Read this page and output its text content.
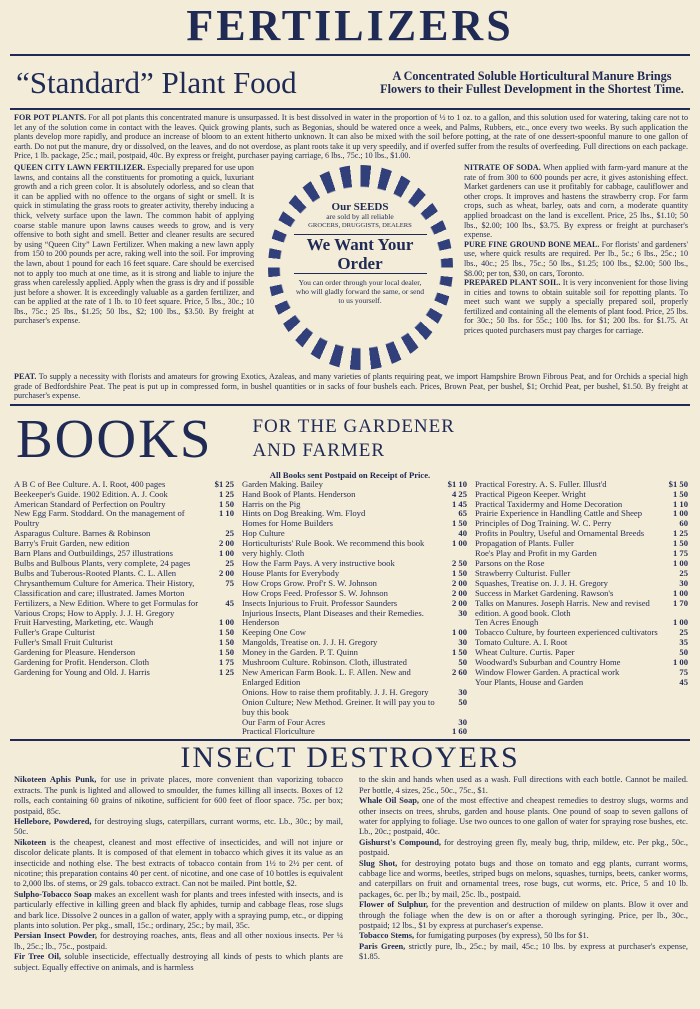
FERTILIZERS
“Standard” Plant Food	A Concentrated Soluble Horticultural Manure Brings Flowers to their Fullest Development in the Shortest Time.
FOR POT PLANTS. For all pot plants this concentrated manure is unsurpassed. It is best dissolved in water in the proportion of ½ to 1 oz. to a gallon, and this solution used for watering, taking care not to let any of the solution come in contact with the leaves. Quick growing plants, such as Begonias, should be watered once a week, and Palms, Rubbers, etc., once every two weeks. By such application the plants develop more rapidly, and produce an increase of bloom to an extent hitherto unknown. It can also be mixed with the soil before potting, at the rate of one dessert-spoonful manure to one gallon of earth. Do not put the manure, dry or dissolved, on the leaves, and do not overdose, as plant roots take it up very speedily, and if overfed suffer from the results of overfeeding. Full directions on each package. Price, 1 lb. package, 25c.; mail, postpaid, 40c. By express or freight, purchaser paying carriage, 6 lbs., 75c.; 10 lbs., $1.00.
QUEEN CITY LAWN FERTILIZER. Especially prepared for use upon lawns, and contains all the constituents for promoting a quick, luxuriant growth and a rich green color. It is absolutely odorless, and so clean that it can be applied with no offence to the organs of sight or smell. It is quick in stimulating the grass roots to greater activity, thereby inducing a thick, velvety surface upon the lawn. The common habit of applying coarse stable manure upon lawns causes weeds to grow, and is very offensive to both sight and smell. Better and cleaner results are secured by using “Queen City” Lawn Fertilizer. When making a new lawn apply from 150 to 200 pounds per acre, raking well into the soil. For improving the lawn, about 1 pound for each 16 feet square. Care should be exercised not to apply too much at one time, as it is strong and liable to injure the grass when carelessly applied. Apply when the grass is dry and if possible just before a shower. It is exceedingly valuable as a garden fertilizer, and can be applied at the rate of 1 lb. to 10 feet square. Price, 5 lbs., 30c.; 10 lbs., 75c.; 25 lbs., $1.25; 50 lbs., $2; 100 lbs., $3.50. By freight at purchaser's expense.
Our SEEDS
are sold by all reliable
GROCERS, DRUGGISTS, DEALERS
We Want Your Order
You can order through your local dealer, who will gladly forward the same, or send to us yourself.

NITRATE OF SODA. When applied with farm-yard manure at the rate of from 300 to 600 pounds per acre, it gives astonishing effect. Market gardeners can use it profitably for cabbage, cauliflower and other crops. It improves and hastens the strawberry crop. For farm crops, such as wheat, barley, oats and corn, a moderate quantity applied broadcast on the land is excellent. Price, 25 lbs., $1.10; 50 lbs., $2.00; 100 lbs., $3.75. By express or freight at purchaser's expense.

PURE FINE GROUND BONE MEAL. For florists' and gardeners' use, where quick results are required. Per lb., 5c.; 6 lbs., 25c.; 10 lbs., 40c.; 25 lbs., 75c.; 50 lbs., $1.25; 100 lbs., $2.00; 500 lbs., $8.00; per ton, $30, on cars, Toronto.

PREPARED PLANT SOIL. It is very inconvenient for those living in cities and towns to obtain suitable soil for repotting plants. To meet such want we supply a specially prepared soil, properly fertilized and containing all the elements of plant food. Price, 25 lbs. for 30c.; 50 lbs. for 55c.; 100 lbs. for $1; 200 lbs. for $1.75. At prices quoted purchasers must pay charges for carriage.

PEAT. To supply a necessity with florists and amateurs for growing Exotics, Azaleas, and many varieties of plants requiring peat, we import Hampshire Brown Fibrous Peat, and for Orchids a special high grade of Bedfordshire Peat. The peat is put up in compressed form, in bushel quantities or in sacks of four bushels each. Prices, Brown Peat, per bushel, $1; Orchid Peat, per bushel, $1.50. By freight at purchaser's expense.
BOOKS FOR THE GARDENER
AND FARMER
All Books sent Postpaid on Receipt of Price.
A B C of Bee Culture. A. I. Root, 400 pages	$1 25
Beekeeper's Guide. 1902 Edition. A. J. Cook	1 25
American Standard of Perfection on Poultry	1 50
New Egg Farm. Stoddard. On the management of Poultry
1 10
Asparagus Culture. Barnes & Robinson	25
Barry's Fruit Garden, new edition	2 00
Barn Plans and Outbuildings, 257 illustrations	1 00
Bulbs and Bulbous Plants, very complete, 24 pages	25
Bulbs and Tuberous-Rooted Plants. C. L. Allen	2 00
Chrysanthemum Culture for America. Their History, Classification and care; illustrated. James Morton
75
Fertilizers, a New Edition. Where to get Formulas for Various Crops; How to Apply. J. J. H. Gregory
45
Fruit Harvesting, Marketing, etc. Waugh	1 00
Fuller's Grape Culturist	1 50
Fuller's Small Fruit Culturist	1 50
Gardening for Pleasure. Henderson	1 50
Gardening for Profit. Henderson. Cloth	1 75
Gardening for Young and Old. J. Harris	1 25
Garden Making. Bailey	$1 10
Hand Book of Plants. Henderson	4 25
Harris on the Pig	1 45
Hints on Dog Breaking. Wm. Floyd	65
Homes for Home Builders	1 50
Hop Culture	40
Horticulturists' Rule Book. We recommend this book very highly. Cloth
1 00
How the Farm Pays. A very instructive book	2 50
House Plants for Everybody	1 50
How Crops Grow. Prof'r S. W. Johnson	2 00
How Crops Feed. Professor S. W. Johnson	2 00
Insects Injurious to Fruit. Professor Saunders	2 00
Injurious Insects, Plant Diseases and their Remedies. Henderson
30
Keeping One Cow	1 00
Mangolds, Treatise on. J. J. H. Gregory	30
Money in the Garden. P. T. Quinn	1 50
Mushroom Culture. Robinson. Cloth, illustrated	50
New American Farm Book. L. F. Allen. New and Enlarged Edition
2 60
Onions. How to raise them profitably. J. J. H. Gregory	30
Onion Culture; New Method. Greiner. It will pay you to buy this book
50
Our Farm of Four Acres	30
Practical Floriculture	1 60
Practical Forestry. A. S. Fuller. Illust'd	$1 50
Practical Pigeon Keeper. Wright	1 50
Practical Taxidermy and Home Decoration	1 10
Prairie Experience in Handling Cattle and Sheep	1 00
Principles of Dog Training. W. C. Perry	60
Profits in Poultry, Useful and Ornamental Breeds	1 25
Propagation of Plants. Fuller	1 50
Roe's Play and Profit in my Garden	1 75
Parsons on the Rose	1 00
Strawberry Culturist. Fuller	25
Squashes, Treatise on. J. J. H. Gregory	30
Success in Market Gardening. Rawson's	1 00
Talks on Manures. Joseph Harris. New and revised edition. A good book. Cloth
1 70
Ten Acres Enough	1 00
Tobacco Culture, by fourteen experienced cultivators	25
Tomato Culture. A. I. Root	35
Wheat Culture. Curtis. Paper	50
Woodward's Suburban and Country Home	1 00
Window Flower Garden. A practical work	75
Your Plants, House and Garden	45
INSECT DESTROYERS

Nikoteen Aphis Punk, for use in private places, more convenient than vaporizing tobacco extracts. The punk is lighted and allowed to smoulder, the fumes killing all insects. Boxes of 12 rolls, each containing 60 grains of nikotine, sufficient for 600 feet of floor space. 75c. per box; postpaid, 85c.

Hellebore, Powdered, for destroying slugs, caterpillars, currant worms, etc. Lb., 30c.; by mail, 50c.

Nikoteen is the cheapest, cleanest and most effective of insecticides, and will not injure or discolor delicate plants. It is composed of that element in tobacco which gives it its value as an insecticide and nothing else. The best extracts of tobacco contain from 1½ to 2½ per cent. of nicotine; this preparation contains 40 per cent. of nicotine, and one case of 10 bottles is equivalent to 2,000 lbs. of stems, or 29 gals. tobacco extract. Can not be mailed. Pint bottle, $2.

Sulpho-Tobacco Soap makes an excellent wash for plants and trees infested with insects, and is particularly effective in killing green and black fly aphides, turnip and cabbage fleas, rose slugs and bark lice. Dissolve 2 ounces in a gallon of water, apply with a spraying pump, etc., or dipping plants into solution. Per pkg., small, 15c.; ordinary, 25c.; by mail, 35c.

Persian Insect Powder, for destroying roaches, ants, fleas and all other noxious insects. Per ¼ lb., 25c.; lb., 75c., postpaid.

Fir Tree Oil, soluble insecticide, effectually destroying all kinds of pests to which plants are subject. Equally effective on animals, and is harmless

to the skin and hands when used as a wash. Full directions with each bottle. Cannot be mailed. Per bottle, 4 sizes, 25c., 50c., 75c., $1.

Whale Oil Soap, one of the most effective and cheapest remedies to destroy slugs, worms and other insects on trees, shrubs, garden and house plants. One pound of soap to seven gallons of water for applying to foliage. Use two ounces to one gallon of water for spraying rose bushes, etc. Lb., 20c.; postpaid, 40c.

Gishurst's Compound, for destroying green fly, mealy bug, thrip, mildew, etc. Per pkg., 50c., postpaid.

Slug Shot, for destroying potato bugs and those on tomato and egg plants, currant worms, cabbage lice and worms, beetles, striped bugs on melons, squashes, turnips, beets, canker worms, and caterpillars on fruit and ornamental trees, rose bugs, cut worms, etc. Price, 5 and 10 lb. packages, 6c. per lb.; by mail, 25c. lb., postpaid.

Flower of Sulphur, for the prevention and destruction of mildew on plants. Blow it over and through the foliage when the dew is on or after a thorough syringing. Price, per lb., 30c., postpaid; 12 lbs., $1 by express at purchaser's expense.

Tobacco Stems, for fumigating purposes (by express), 50 lbs for $1.

Paris Green, strictly pure, lb., 25c.; by mail, 45c.; 10 lbs. by express at purchaser's expense, $1.85.
